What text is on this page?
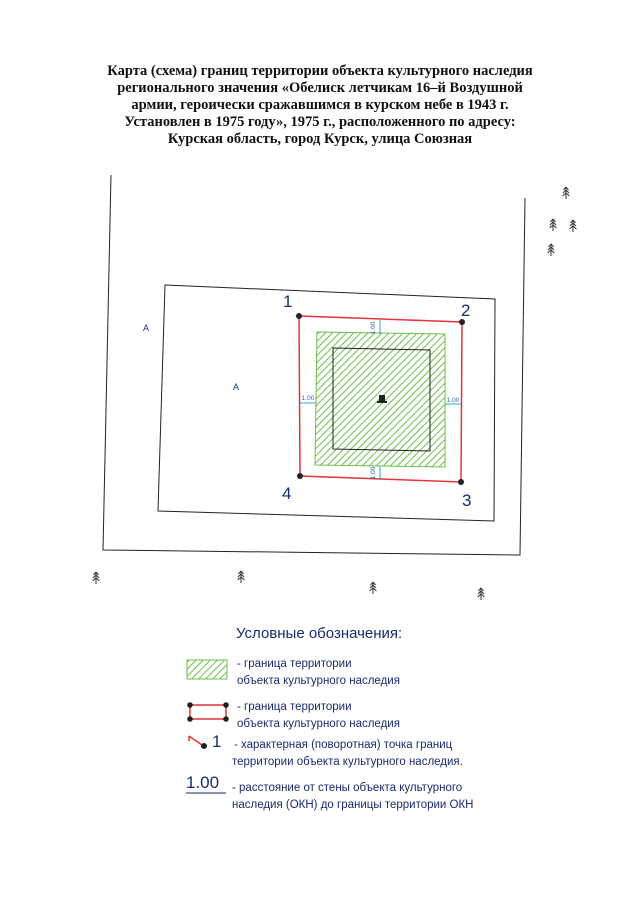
Карта (схема) границ территории объекта культурного наследия
регионального значения «Обелиск летчикам 16–й Воздушной
армии, героически сражавшимся в курском небе в 1943 г.
Установлен в 1975 году», 1975 г., расположенного по адресу:
Курская область, город Курск, улица Союзная
1.00
1.00
1.00	1.00
1	2
3
4
А
А
Условные обозначения:
- граница территории
объекта культурного наследия
- граница территории
объекта культурного наследия
1 - характерная (поворотная) точка границ
территории объекта культурного наследия.
1.00 - расстояние от стены объекта культурного
наследия (ОКН) до границы территории ОКН
